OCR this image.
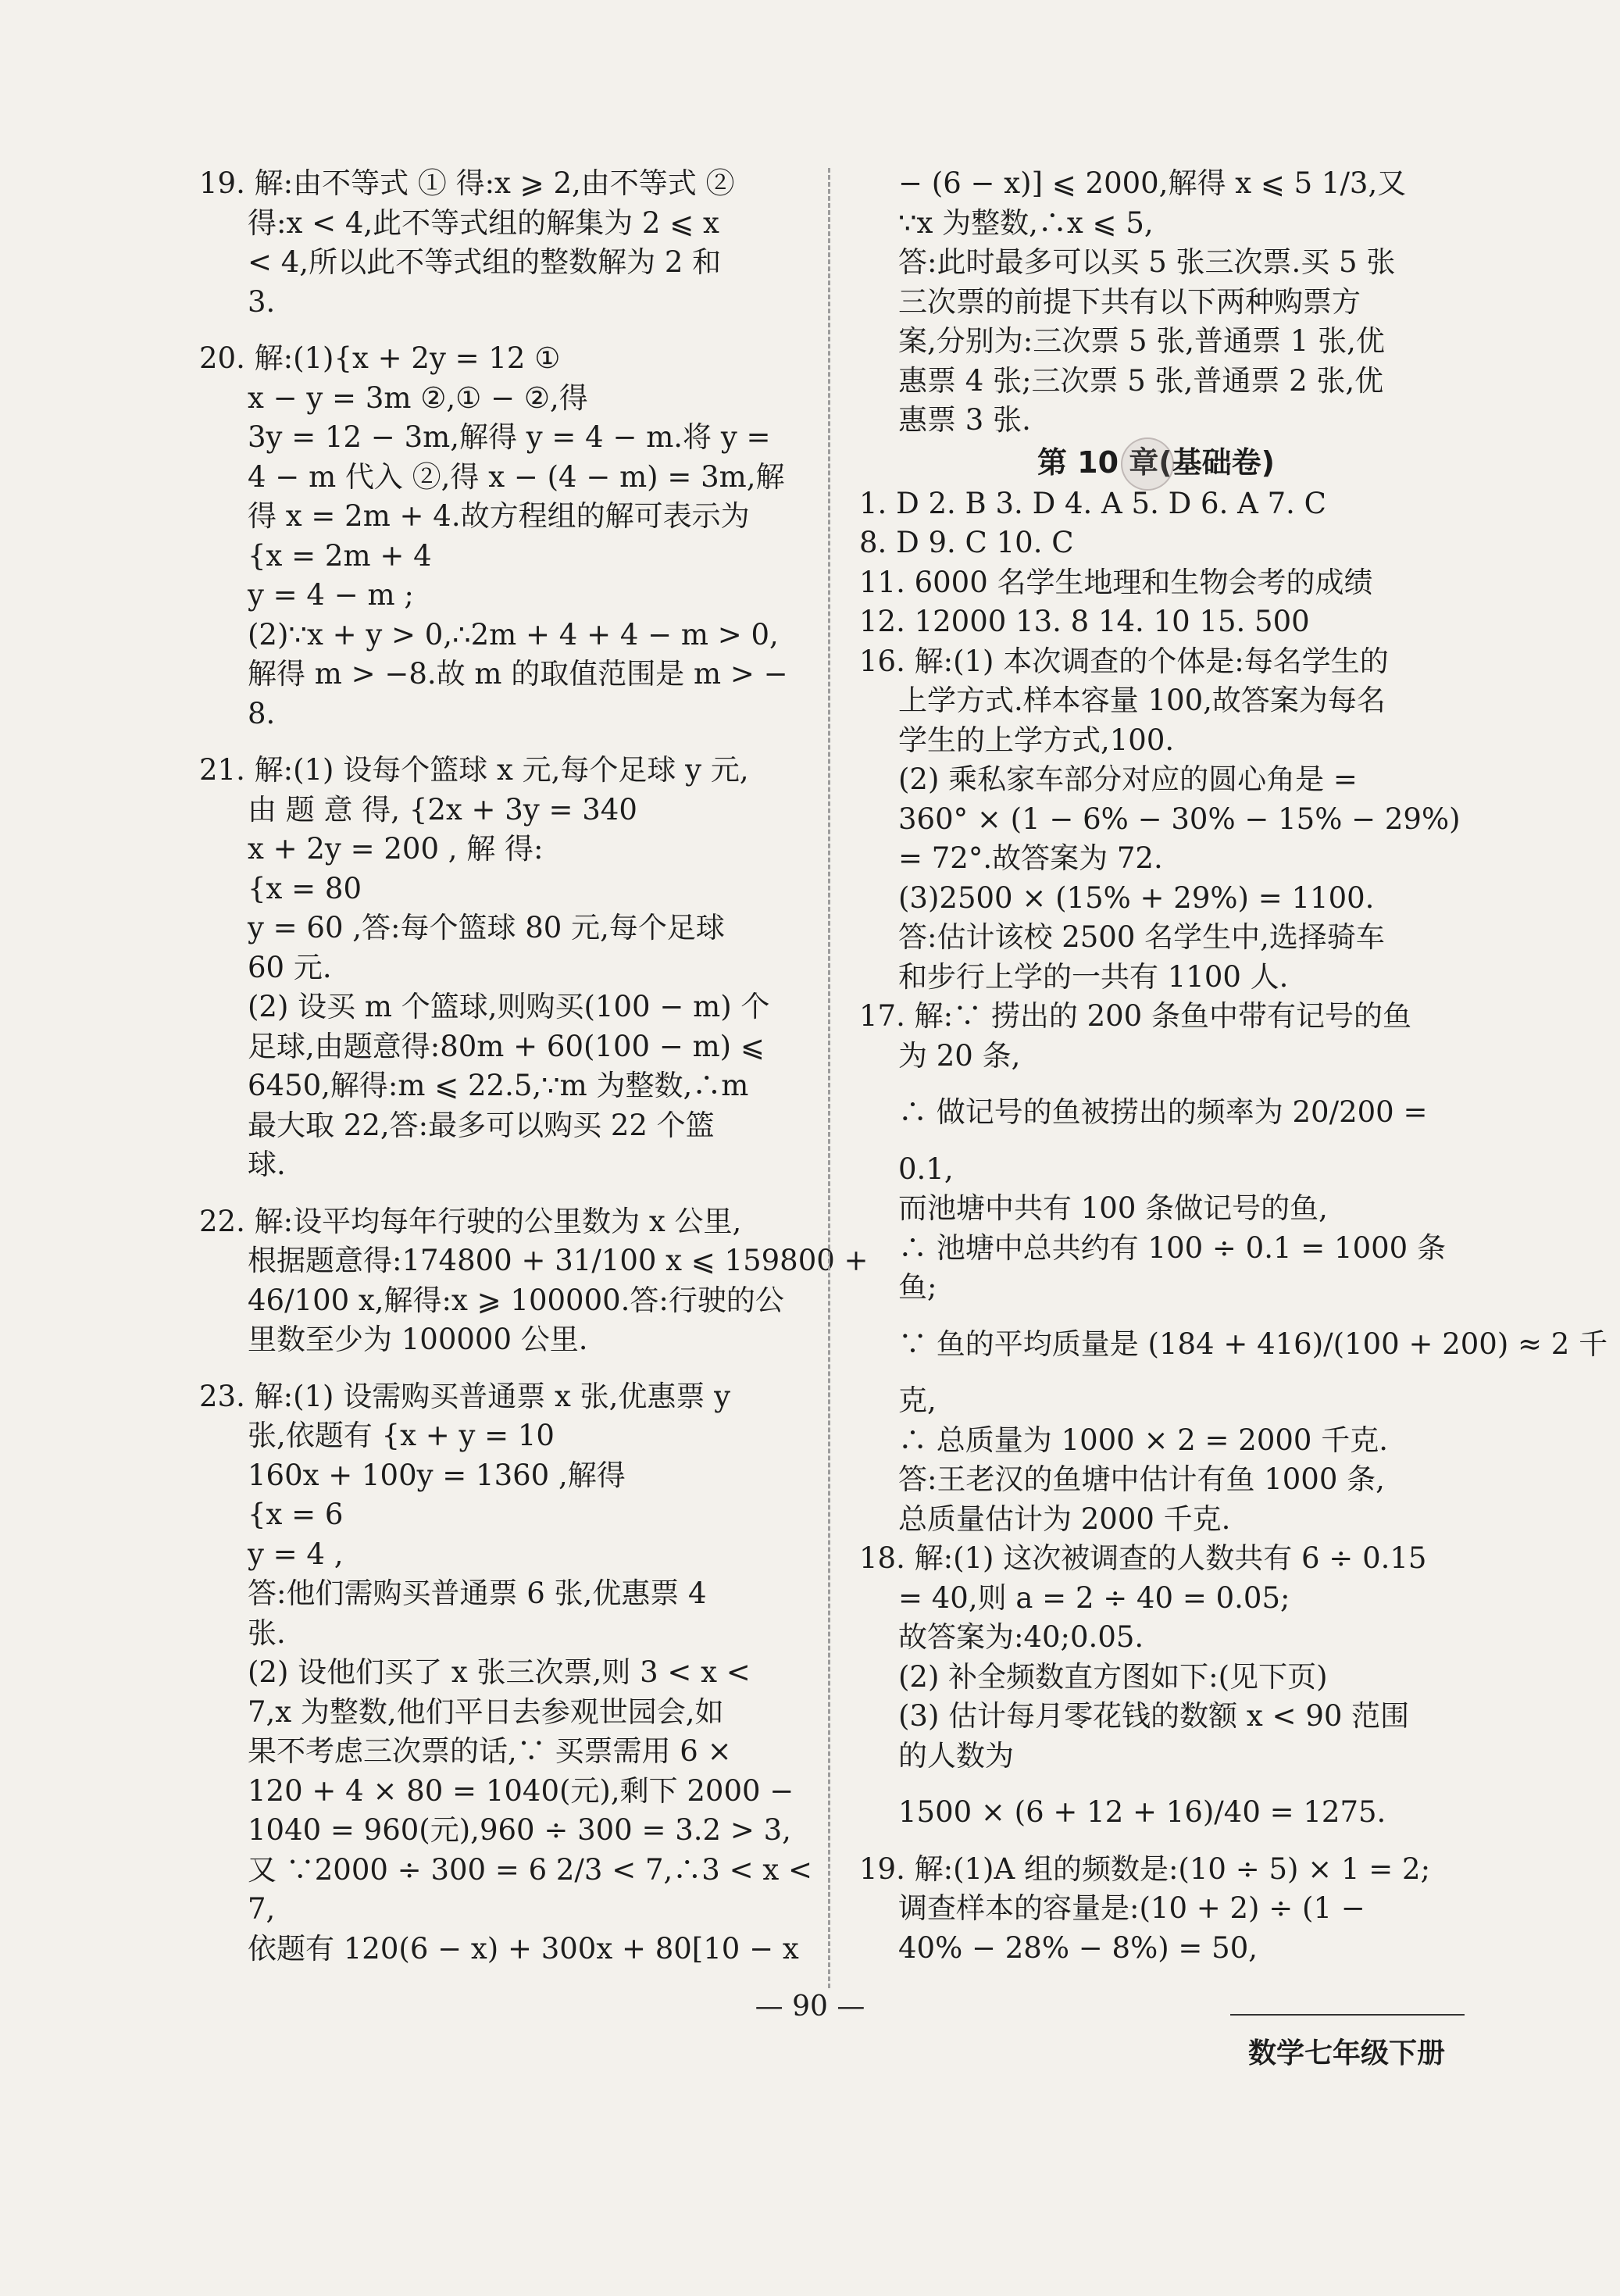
19. 解:由不等式 ① 得:x ⩾ 2,由不等式 ②
得:x < 4,此不等式组的解集为 2 ⩽ x
< 4,所以此不等式组的整数解为 2 和
3.
20. 解:(1){x + 2y = 12 ①
x − y = 3m ②,① − ②,得
3y = 12 − 3m,解得 y = 4 − m.将 y =
4 − m 代入 ②,得 x − (4 − m) = 3m,解
得 x = 2m + 4.故方程组的解可表示为
{x = 2m + 4
y = 4 − m ;
(2)∵x + y > 0,∴2m + 4 + 4 − m > 0,
解得 m > −8.故 m 的取值范围是 m > −
8.
21. 解:(1) 设每个篮球 x 元,每个足球 y 元,
由 题 意 得, {2x + 3y = 340
x + 2y = 200 , 解 得:
{x = 80
y = 60 ,答:每个篮球 80 元,每个足球
60 元.
(2) 设买 m 个篮球,则购买(100 − m) 个
足球,由题意得:80m + 60(100 − m) ⩽
6450,解得:m ⩽ 22.5,∵m 为整数,∴m
最大取 22,答:最多可以购买 22 个篮
球.
22. 解:设平均每年行驶的公里数为 x 公里,
根据题意得:174800 + 31/100 x ⩽ 159800 +
46/100 x,解得:x ⩾ 100000.答:行驶的公
里数至少为 100000 公里.
23. 解:(1) 设需购买普通票 x 张,优惠票 y
张,依题有 {x + y = 10
160x + 100y = 1360 ,解得
{x = 6
y = 4 ,
答:他们需购买普通票 6 张,优惠票 4
张.
(2) 设他们买了 x 张三次票,则 3 < x <
7,x 为整数,他们平日去参观世园会,如
果不考虑三次票的话,∵ 买票需用 6 ×
120 + 4 × 80 = 1040(元),剩下 2000 −
1040 = 960(元),960 ÷ 300 = 3.2 > 3,
又 ∵2000 ÷ 300 = 6 2/3 < 7,∴3 < x <
7,
依题有 120(6 − x) + 300x + 80[10 − x
− (6 − x)] ⩽ 2000,解得 x ⩽ 5 1/3,又
∵x 为整数,∴x ⩽ 5,
答:此时最多可以买 5 张三次票.买 5 张
三次票的前提下共有以下两种购票方
案,分别为:三次票 5 张,普通票 1 张,优
惠票 4 张;三次票 5 张,普通票 2 张,优
惠票 3 张.
第 10 章(基础卷)
1. D 2. B 3. D 4. A 5. D 6. A 7. C
8. D 9. C 10. C
11. 6000 名学生地理和生物会考的成绩
12. 12000 13. 8 14. 10 15. 500
16. 解:(1) 本次调查的个体是:每名学生的
上学方式.样本容量 100,故答案为每名
学生的上学方式,100.
(2) 乘私家车部分对应的圆心角是 =
360° × (1 − 6% − 30% − 15% − 29%)
= 72°.故答案为 72.
(3)2500 × (15% + 29%) = 1100.
答:估计该校 2500 名学生中,选择骑车
和步行上学的一共有 1100 人.
17. 解:∵ 捞出的 200 条鱼中带有记号的鱼
为 20 条,
∴ 做记号的鱼被捞出的频率为 20/200 =
0.1,
而池塘中共有 100 条做记号的鱼,
∴ 池塘中总共约有 100 ÷ 0.1 = 1000 条
鱼;
∵ 鱼的平均质量是 (184 + 416)/(100 + 200) ≈ 2 千
克,
∴ 总质量为 1000 × 2 = 2000 千克.
答:王老汉的鱼塘中估计有鱼 1000 条,
总质量估计为 2000 千克.
18. 解:(1) 这次被调查的人数共有 6 ÷ 0.15
= 40,则 a = 2 ÷ 40 = 0.05;
故答案为:40;0.05.
(2) 补全频数直方图如下:(见下页)
(3) 估计每月零花钱的数额 x < 90 范围
的人数为
1500 × (6 + 12 + 16)/40 = 1275.
19. 解:(1)A 组的频数是:(10 ÷ 5) × 1 = 2;
调查样本的容量是:(10 + 2) ÷ (1 −
40% − 28% − 8%) = 50,
— 90 —
数学七年级下册
